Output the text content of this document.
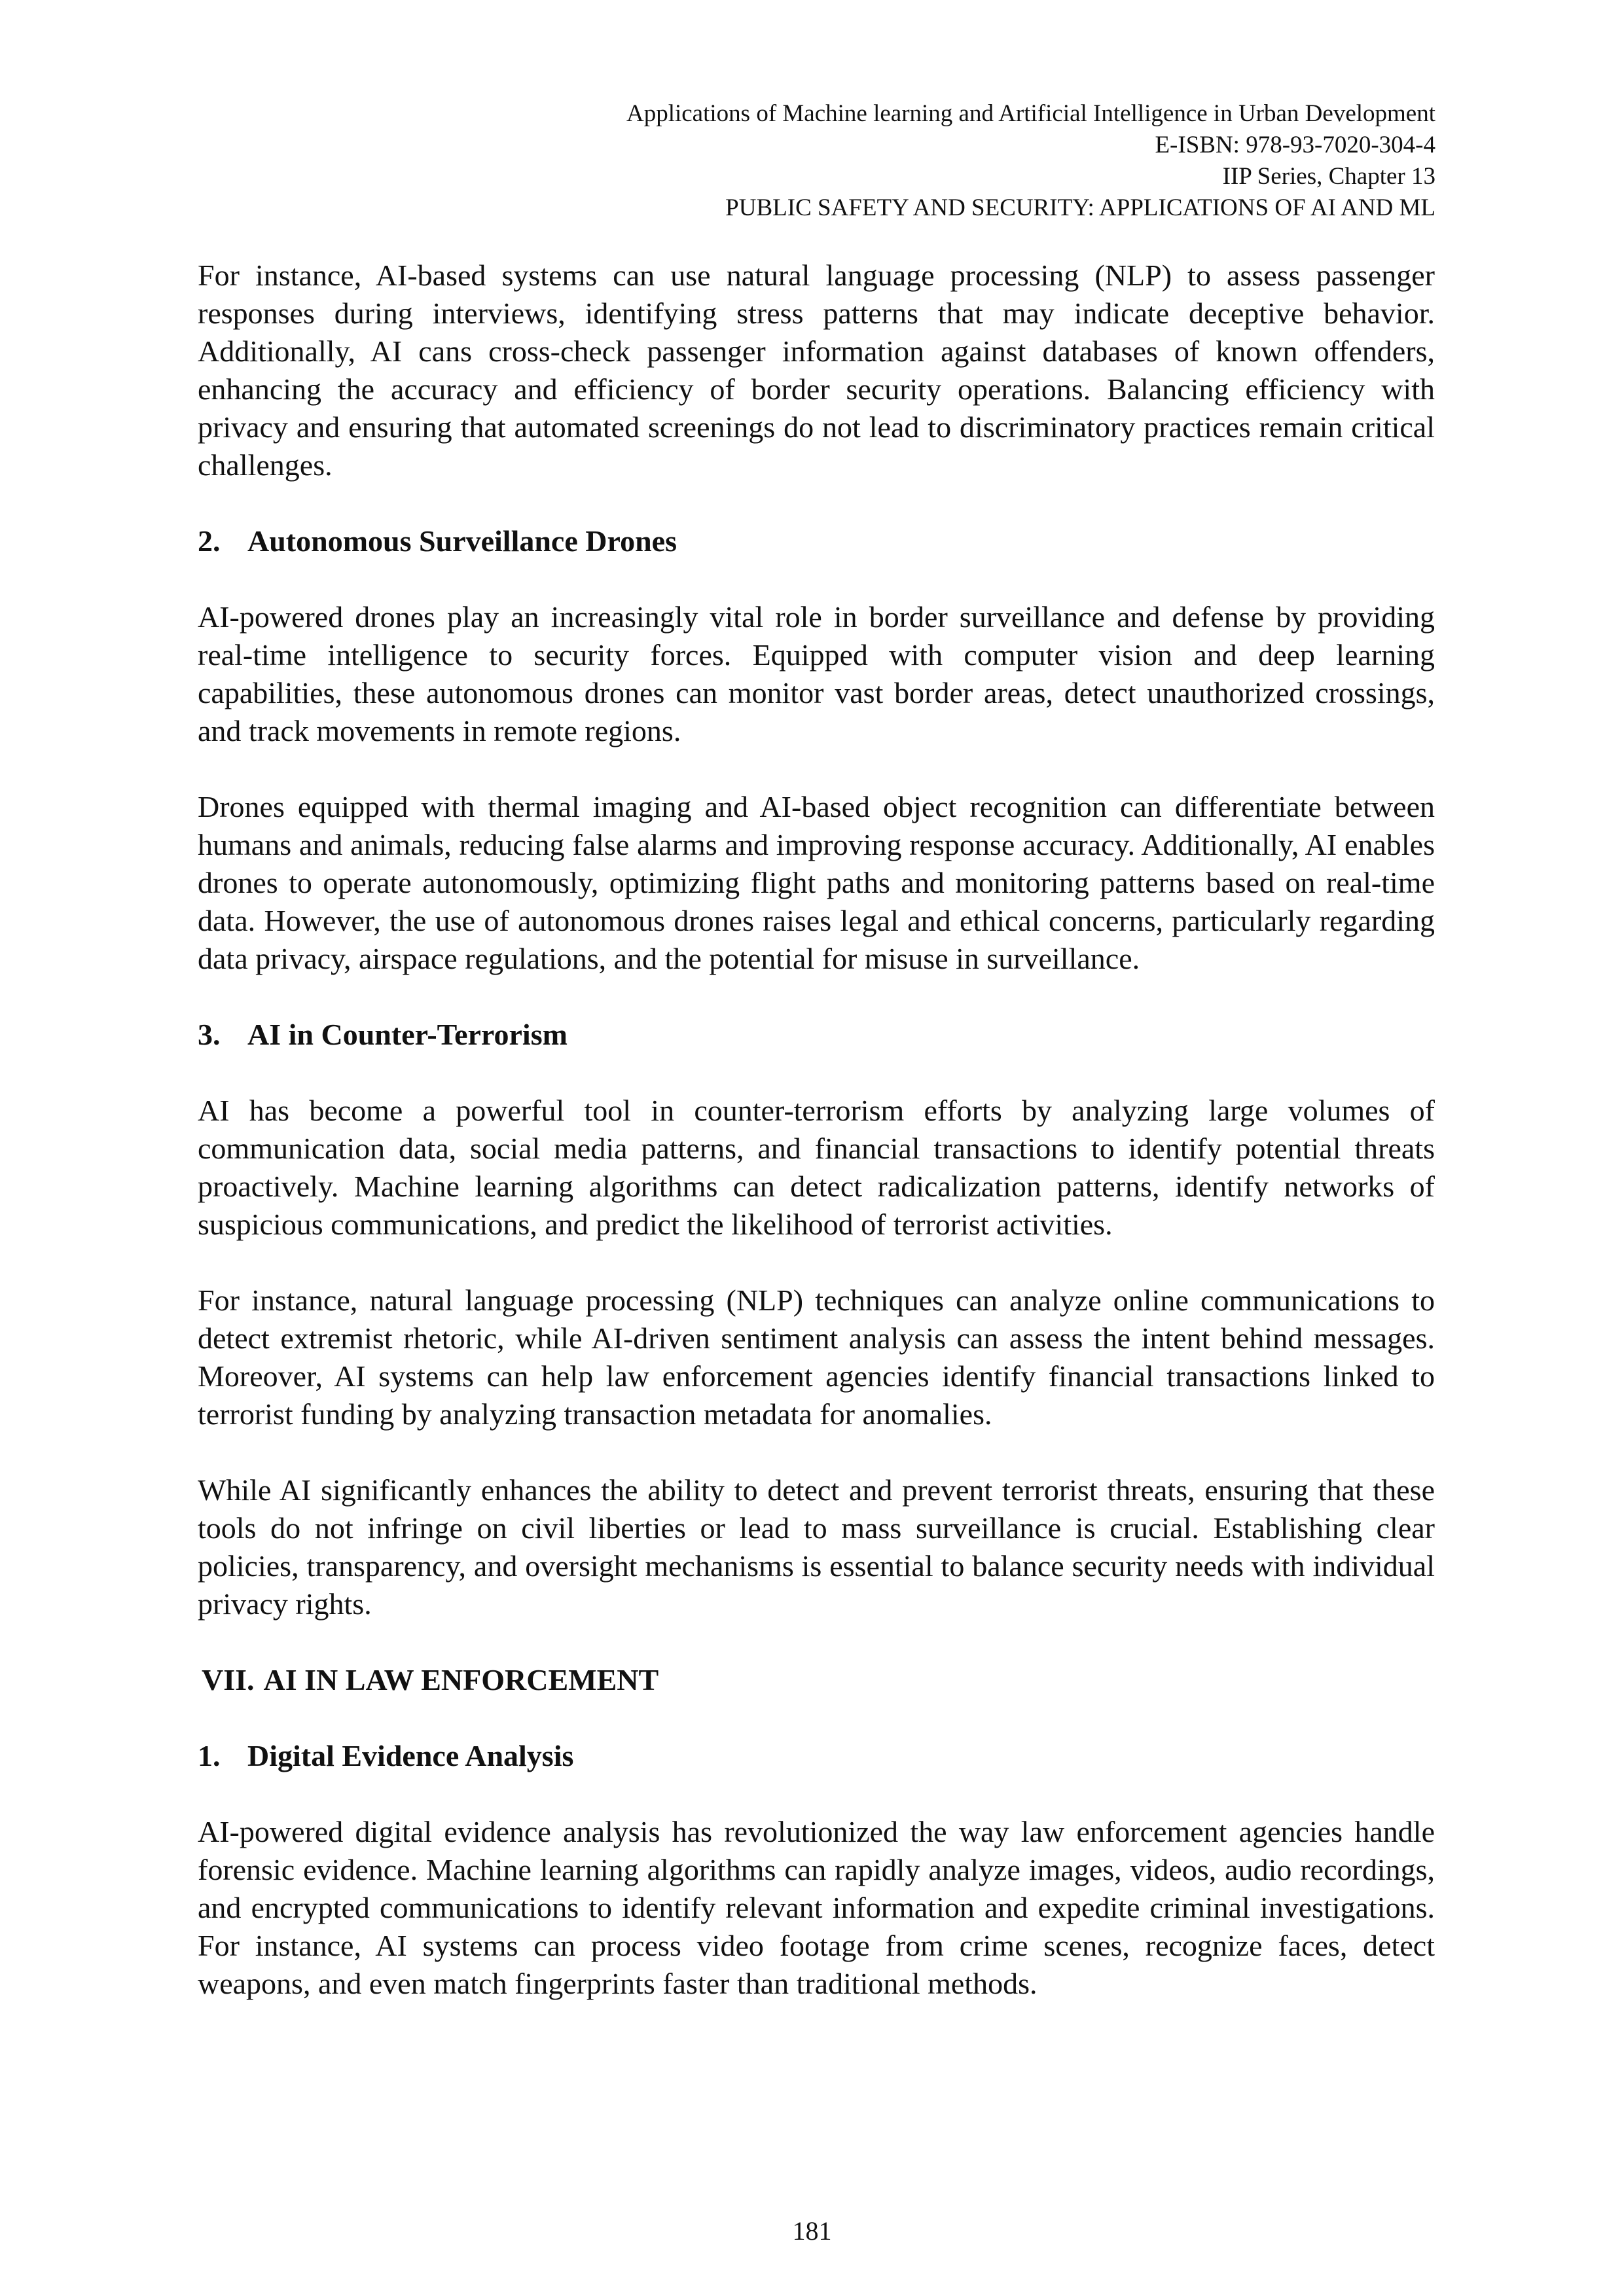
Applications of Machine learning and Artificial Intelligence in Urban Development
E-ISBN: 978-93-7020-304-4
IIP Series, Chapter 13
PUBLIC SAFETY AND SECURITY: APPLICATIONS OF AI AND ML

For instance, AI-based systems can use natural language processing (NLP) to assess passenger responses during interviews, identifying stress patterns that may indicate deceptive behavior. Additionally, AI cans cross-check passenger information against databases of known offenders, enhancing the accuracy and efficiency of border security operations. Balancing efficiency with privacy and ensuring that automated screenings do not lead to discriminatory practices remain critical challenges.

2. Autonomous Surveillance Drones

AI-powered drones play an increasingly vital role in border surveillance and defense by providing real-time intelligence to security forces. Equipped with computer vision and deep learning capabilities, these autonomous drones can monitor vast border areas, detect unauthorized crossings, and track movements in remote regions.

Drones equipped with thermal imaging and AI-based object recognition can differentiate between humans and animals, reducing false alarms and improving response accuracy. Additionally, AI enables drones to operate autonomously, optimizing flight paths and monitoring patterns based on real-time data. However, the use of autonomous drones raises legal and ethical concerns, particularly regarding data privacy, airspace regulations, and the potential for misuse in surveillance.

3. AI in Counter-Terrorism

AI has become a powerful tool in counter-terrorism efforts by analyzing large volumes of communication data, social media patterns, and financial transactions to identify potential threats proactively. Machine learning algorithms can detect radicalization patterns, identify networks of suspicious communications, and predict the likelihood of terrorist activities.

For instance, natural language processing (NLP) techniques can analyze online communications to detect extremist rhetoric, while AI-driven sentiment analysis can assess the intent behind messages. Moreover, AI systems can help law enforcement agencies identify financial transactions linked to terrorist funding by analyzing transaction metadata for anomalies.

While AI significantly enhances the ability to detect and prevent terrorist threats, ensuring that these tools do not infringe on civil liberties or lead to mass surveillance is crucial. Establishing clear policies, transparency, and oversight mechanisms is essential to balance security needs with individual privacy rights.

VII. AI IN LAW ENFORCEMENT
1. Digital Evidence Analysis

AI-powered digital evidence analysis has revolutionized the way law enforcement agencies handle forensic evidence. Machine learning algorithms can rapidly analyze images, videos, audio recordings, and encrypted communications to identify relevant information and expedite criminal investigations. For instance, AI systems can process video footage from crime scenes, recognize faces, detect weapons, and even match fingerprints faster than traditional methods.

181
